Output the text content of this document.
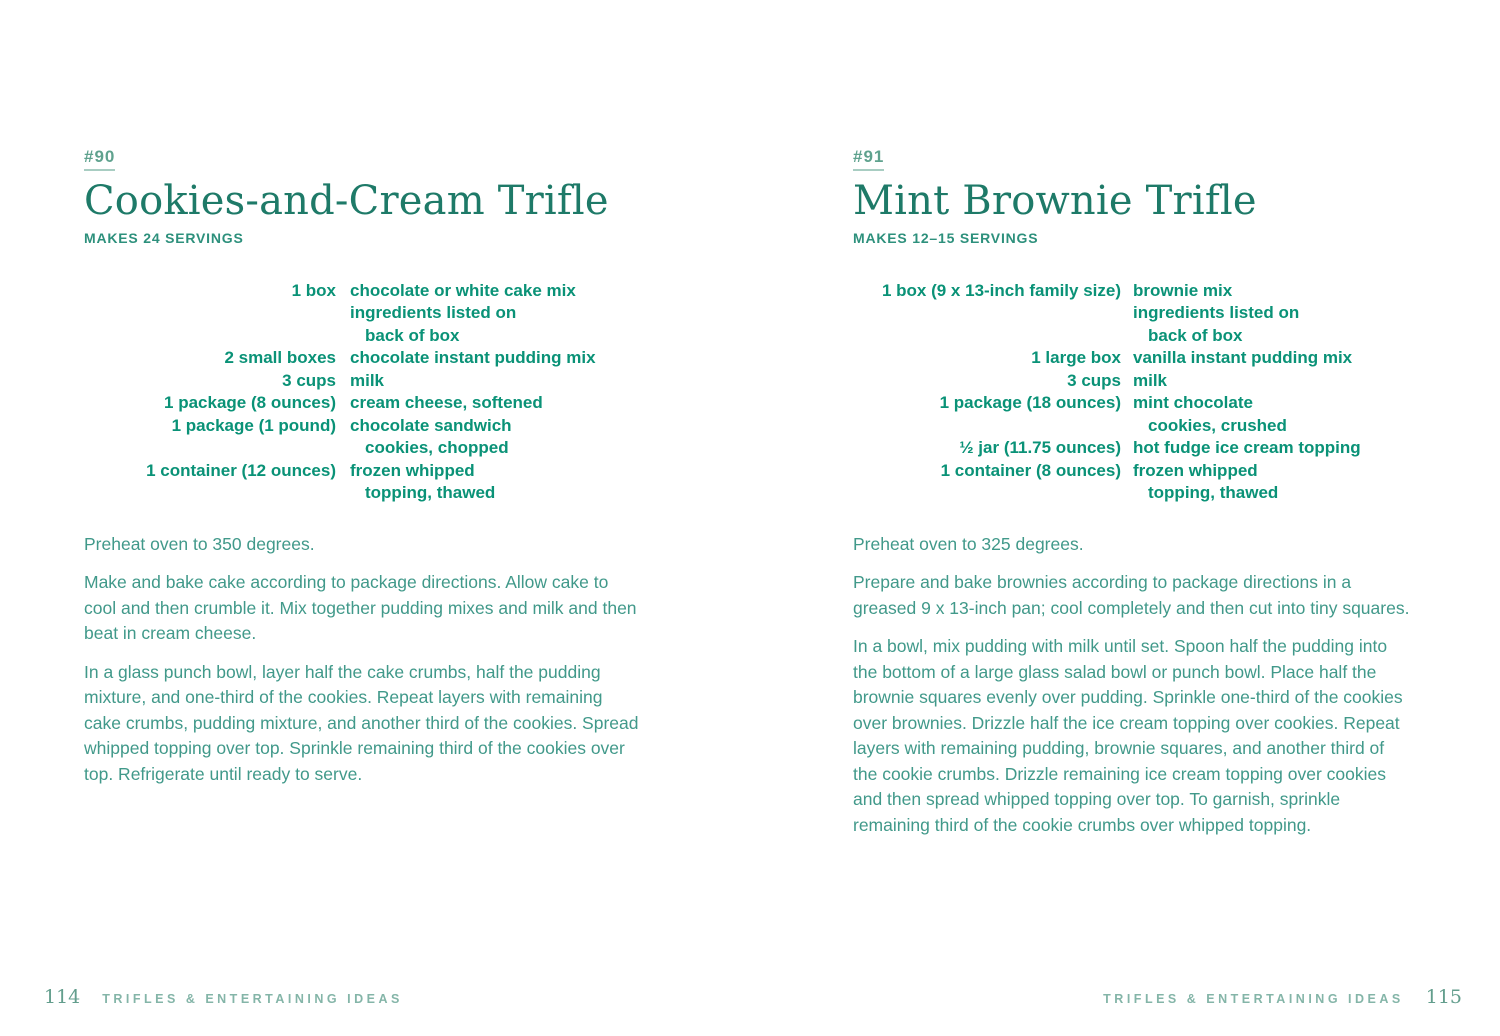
#90
Cookies-and-Cream Trifle
MAKES 24 SERVINGS
1 box chocolate or white cake mix
ingredients listed on
back of box
2 small boxes chocolate instant pudding mix
3 cups milk
1 package (8 ounces) cream cheese, softened
1 package (1 pound) chocolate sandwich
cookies, chopped
1 container (12 ounces) frozen whipped
topping, thawed

Preheat oven to 350 degrees.

Make and bake cake according to package directions. Allow cake to cool and then crumble it. Mix together pudding mixes and milk and then beat in cream cheese.

In a glass punch bowl, layer half the cake crumbs, half the pudding mixture, and one-third of the cookies. Repeat layers with remaining cake crumbs, pudding mixture, and another third of the cookies. Spread whipped topping over top. Sprinkle remaining third of the cookies over top. Refrigerate until ready to serve.

#91
Mint Brownie Trifle
MAKES 12–15 SERVINGS
1 box (9 x 13-inch family size) brownie mix
ingredients listed on
back of box
1 large box vanilla instant pudding mix
3 cups milk
1 package (18 ounces) mint chocolate
cookies, crushed
½ jar (11.75 ounces) hot fudge ice cream topping
1 container (8 ounces) frozen whipped
topping, thawed

Preheat oven to 325 degrees.

Prepare and bake brownies according to package directions in a greased 9 x 13-inch pan; cool completely and then cut into tiny squares.

In a bowl, mix pudding with milk until set. Spoon half the pudding into the bottom of a large glass salad bowl or punch bowl. Place half the brownie squares evenly over pudding. Sprinkle one-third of the cookies over brownies. Drizzle half the ice cream topping over cookies. Repeat layers with remaining pudding, brownie squares, and another third of the cookie crumbs. Drizzle remaining ice cream topping over cookies and then spread whipped topping over top. To garnish, sprinkle remaining third of the cookie crumbs over whipped topping.

114 TRIFLES & ENTERTAINING IDEAS	TRIFLES & ENTERTAINING IDEAS 115
